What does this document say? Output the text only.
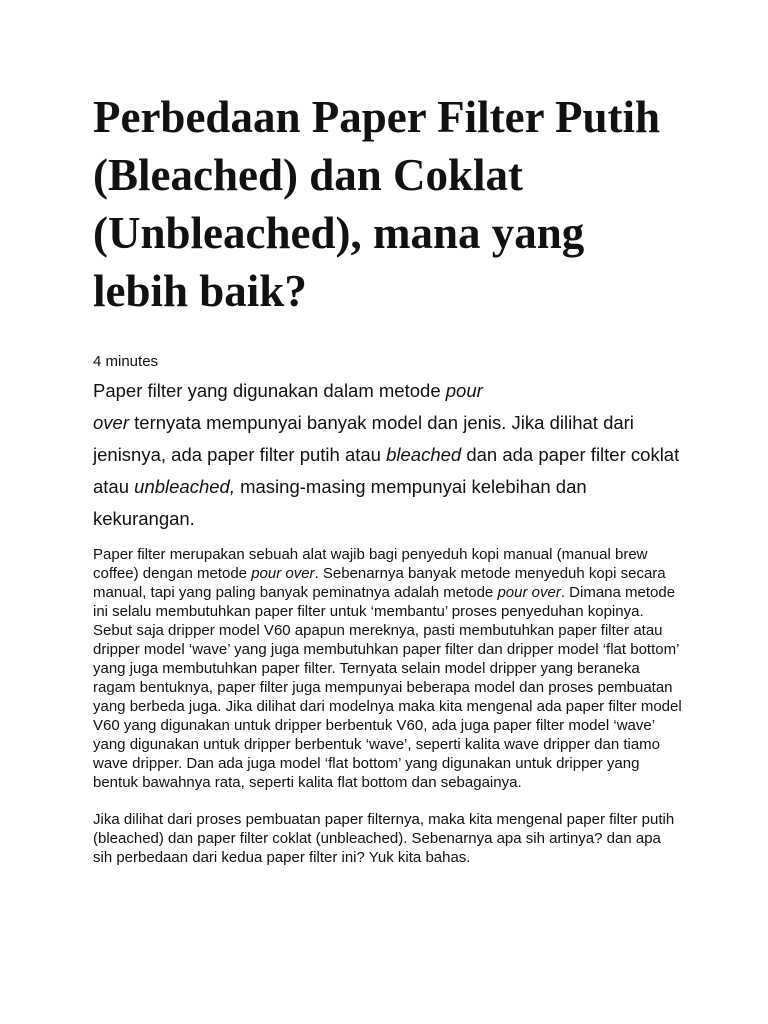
Perbedaan Paper Filter Putih (Bleached) dan Coklat (Unbleached), mana yang lebih baik?

4 minutes

Paper filter yang digunakan dalam metode pour
over ternyata mempunyai banyak model dan jenis. Jika dilihat dari jenisnya, ada paper filter putih atau bleached dan ada paper filter coklat atau unbleached, masing-masing mempunyai kelebihan dan kekurangan.

Paper filter merupakan sebuah alat wajib bagi penyeduh kopi manual (manual brew coffee) dengan metode pour over. Sebenarnya banyak metode menyeduh kopi secara manual, tapi yang paling banyak peminatnya adalah metode pour over. Dimana metode ini selalu membutuhkan paper filter untuk ‘membantu’ proses penyeduhan kopinya. Sebut saja dripper model V60 apapun mereknya, pasti membutuhkan paper filter atau dripper model ‘wave’ yang juga membutuhkan paper filter dan dripper model ‘flat bottom’ yang juga membutuhkan paper filter. Ternyata selain model dripper yang beraneka ragam bentuknya, paper filter juga mempunyai beberapa model dan proses pembuatan yang berbeda juga. Jika dilihat dari modelnya maka kita mengenal ada paper filter model V60 yang digunakan untuk dripper berbentuk V60, ada juga paper filter model ‘wave’ yang digunakan untuk dripper berbentuk ‘wave’, seperti kalita wave dripper dan tiamo wave dripper. Dan ada juga model ‘flat bottom’ yang digunakan untuk dripper yang bentuk bawahnya rata, seperti kalita flat bottom dan sebagainya.

Jika dilihat dari proses pembuatan paper filternya, maka kita mengenal paper filter putih (bleached) dan paper filter coklat (unbleached). Sebenarnya apa sih artinya? dan apa sih perbedaan dari kedua paper filter ini? Yuk kita bahas.
